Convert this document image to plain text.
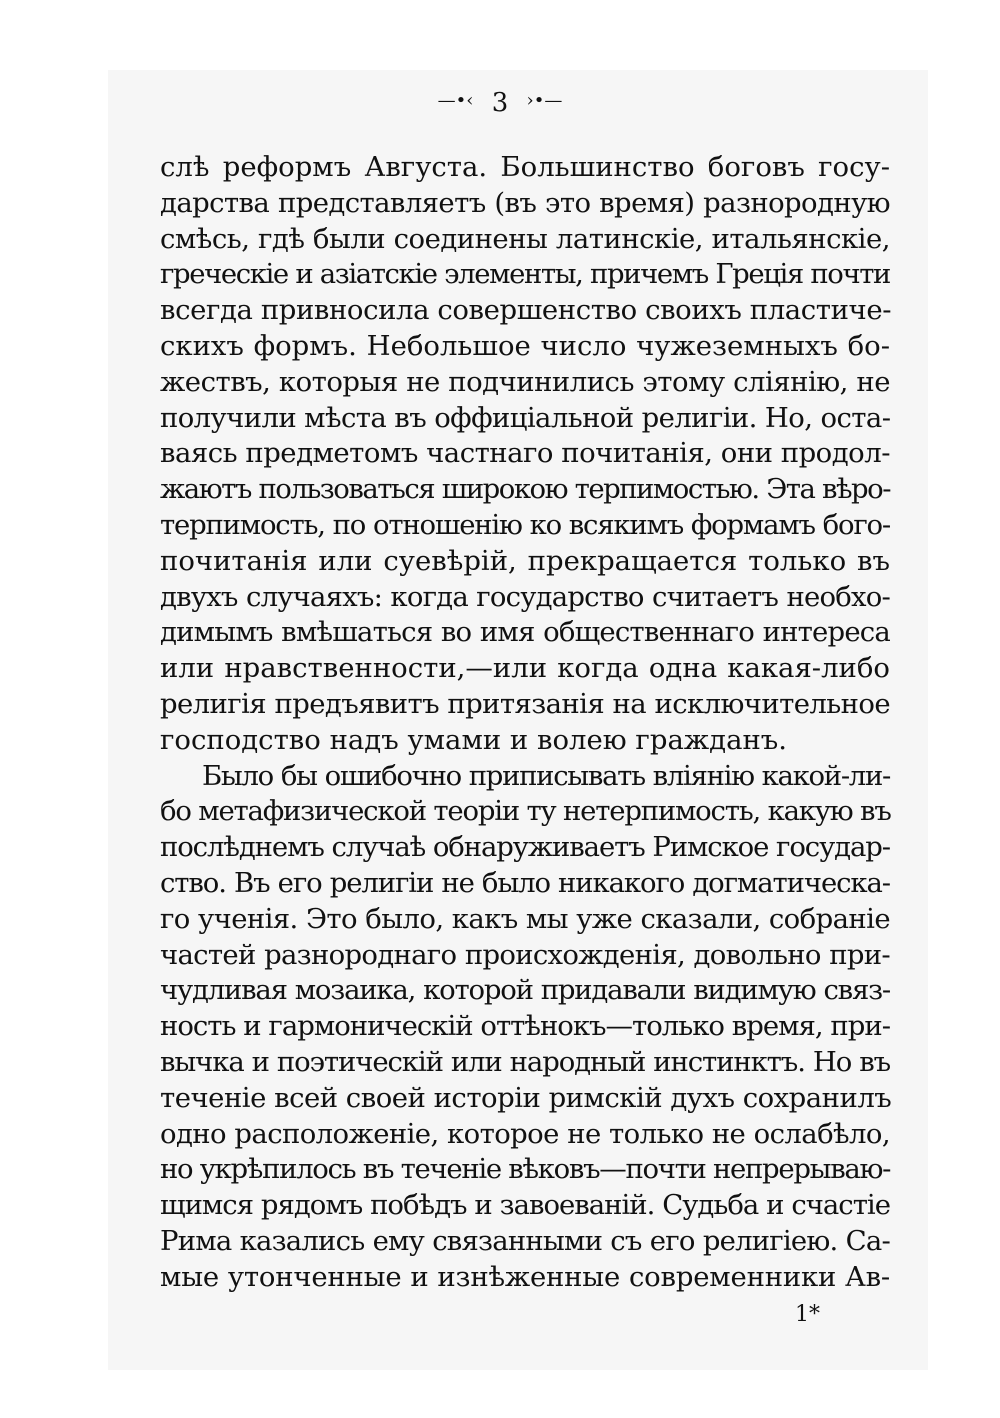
—•‹ 3 ›•—
слѣ реформъ Августа. Большинство боговъ госу-
дарства представляетъ (въ это время) разнородную
смѣсь, гдѣ были соединены латинскіе, итальянскіе,
греческіе и азіатскіе элементы, причемъ Греція почти
всегда привносила совершенство своихъ пластиче-
скихъ формъ. Небольшое число чужеземныхъ бо-
жествъ, которыя не подчинились этому сліянію, не
получили мѣста въ оффиціальной религіи. Но, оста-
ваясь предметомъ частнаго почитанія, они продол-
жаютъ пользоваться широкою терпимостью. Эта вѣро-
терпимость, по отношенію ко всякимъ формамъ бого-
почитанія или суевѣрій, прекращается только въ
двухъ случаяхъ: когда государство считаетъ необхо-
димымъ вмѣшаться во имя общественнаго интереса
или нравственности,—или когда одна какая-либо
религія предъявитъ притязанія на исключительное
господство надъ умами и волею гражданъ.
Было бы ошибочно приписывать вліянію какой-ли-
бо метафизической теоріи ту нетерпимость, какую въ
послѣднемъ случаѣ обнаруживаетъ Римское государ-
ство. Въ его религіи не было никакого догматическа-
го ученія. Это было, какъ мы уже сказали, собраніе
частей разнороднаго происхожденія, довольно при-
чудливая мозаика, которой придавали видимую связ-
ность и гармоническій оттѣнокъ—только время, при-
вычка и поэтическій или народный инстинктъ. Но въ
теченіе всей своей исторіи римскій духъ сохранилъ
одно расположеніе, которое не только не ослабѣло,
но укрѣпилось въ теченіе вѣковъ—почти непрерываю-
щимся рядомъ побѣдъ и завоеваній. Судьба и счастіе
Рима казались ему связанными съ его религіею. Са-
мые утонченные и изнѣженные современники Ав-
1*
